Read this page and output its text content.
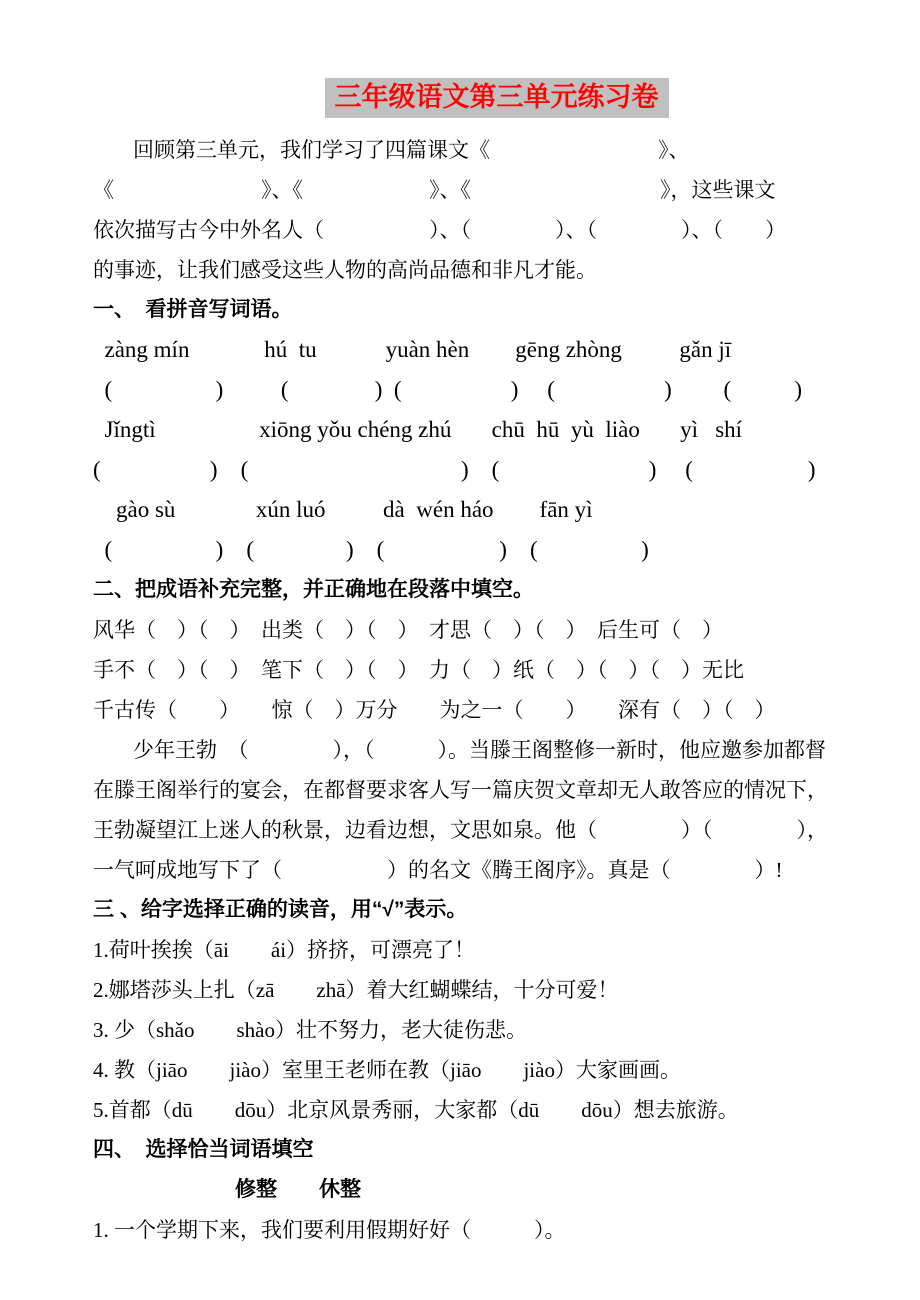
三年级语文第三单元练习卷
回顾第三单元，我们学习了四篇课文《　　　　　　　　》、
《　　　　　　　》、《　　　　　　》、《　　　　　　　　　》，这些课文
依次描写古今中外名人（　　　　　）、（　　　　）、（　　　　）、（　　）
的事迹，让我们感受这些人物的高尚品德和非凡才能。
一、　看拼音写词语。
zàng mín             hú  tu            yuàn hèn        gēng zhòng          gǎn jī
(                  )          (               )  (                   )     (                   )         (           )
Jǐngtì                  xiōng yǒu chéng zhú       chū  hū  yù  liào       yì   shí
(                   )    (                                     )    (                          )     (                    )
gào sù              xún luó          dà  wén háo        fān yì
(                  )    (                )    (                    )    (                  )
二、把成语补充完整，并正确地在段落中填空。
风华（　）（　）　出类（　）（　）　才思（　）（　）　后生可（　）
手不（　）（　）　笔下（　）（　）　力（　）纸（　）（　）（　）无比
千古传（　　）　　惊（　）万分　　为之一（　　）　　深有（　）（　）
少年王勃　（　　　　），（　　　）。当滕王阁整修一新时，他应邀参加都督
在滕王阁举行的宴会，在都督要求客人写一篇庆贺文章却无人敢答应的情况下，
王勃凝望江上迷人的秋景，边看边想，文思如泉。他（　　　　）（　　　　），
一气呵成地写下了（　　　　　）的名文《腾王阁序》。真是（　　　　）!
三 、给字选择正确的读音，用“√”表示。
1.荷叶挨挨（āi　　ái）挤挤，可漂亮了！
2.娜塔莎头上扎（zā　　zhā）着大红蝴蝶结，十分可爱！
3. 少（shǎo　　shào）壮不努力，老大徒伤悲。
4. 教（jiāo　　jiào）室里王老师在教（jiāo　　jiào）大家画画。
5.首都（dū　　dōu）北京风景秀丽，大家都（dū　　dōu）想去旅游。
四、　选择恰当词语填空
修整　　休整
1. 一个学期下来，我们要利用假期好好（　　　）。
